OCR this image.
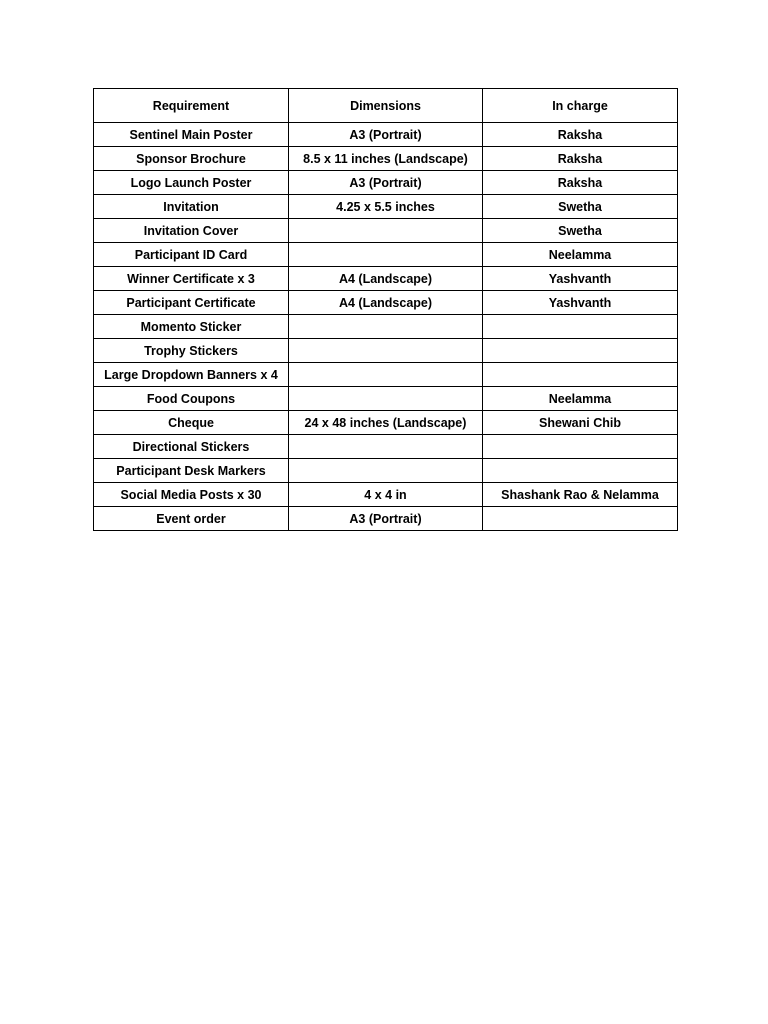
Requirement	Dimensions	In charge
Sentinel Main Poster	A3 (Portrait)	Raksha
Sponsor Brochure	8.5 x 11 inches (Landscape)	Raksha
Logo Launch Poster	A3 (Portrait)	Raksha
Invitation	4.25 x 5.5 inches	Swetha
Invitation Cover		Swetha
Participant ID Card		Neelamma
Winner Certificate x 3	A4 (Landscape)	Yashvanth
Participant Certificate	A4 (Landscape)	Yashvanth
Momento Sticker		
Trophy Stickers		
Large Dropdown Banners x 4		
Food Coupons		Neelamma
Cheque	24 x 48 inches (Landscape)	Shewani Chib
Directional Stickers		
Participant Desk Markers		
Social Media Posts x 30	4 x 4 in	Shashank Rao & Nelamma
Event order	A3 (Portrait)	
